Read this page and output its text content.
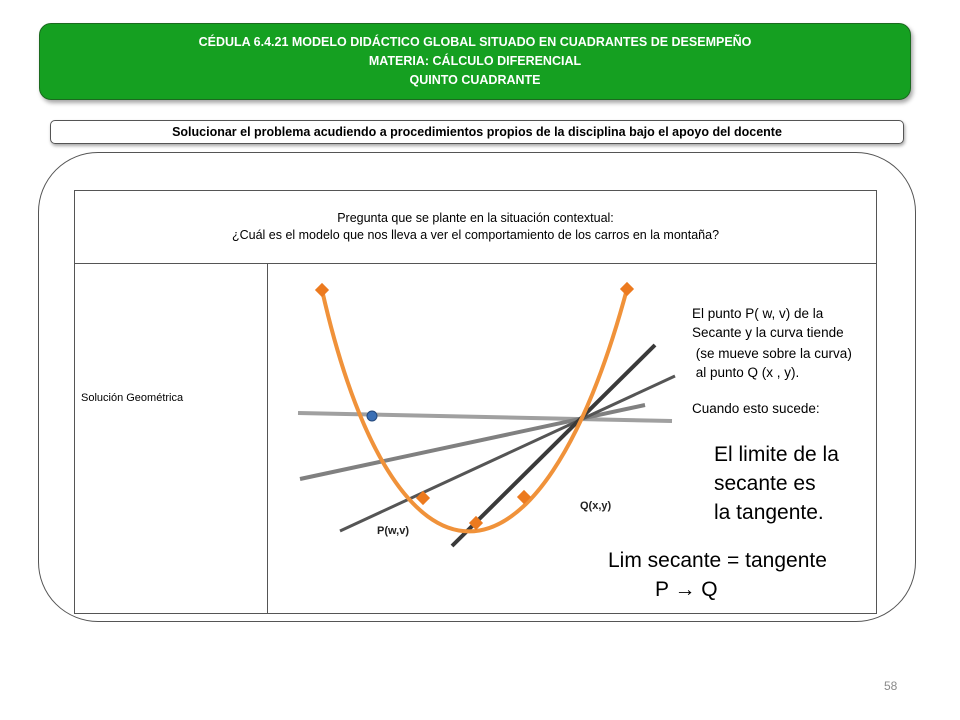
CÉDULA 6.4.21 MODELO DIDÁCTICO GLOBAL SITUADO EN CUADRANTES DE DESEMPEÑO
MATERIA: CÁLCULO DIFERENCIAL
QUINTO CUADRANTE
Solucionar el problema acudiendo a procedimientos propios de la disciplina bajo el apoyo del docente
Pregunta que se plante en la situación contextual:
¿Cuál es el modelo que nos lleva a ver el comportamiento de los carros en la montaña?
Solución Geométrica
P(w,v)
Q(x,y)
El punto P( w, v) de la
Secante y la curva tiende
(se mueve sobre la curva)
al punto Q (x , y).
Cuando esto sucede:
El limite de la
secante es
la tangente.
Lim secante = tangente
P → Q
58
